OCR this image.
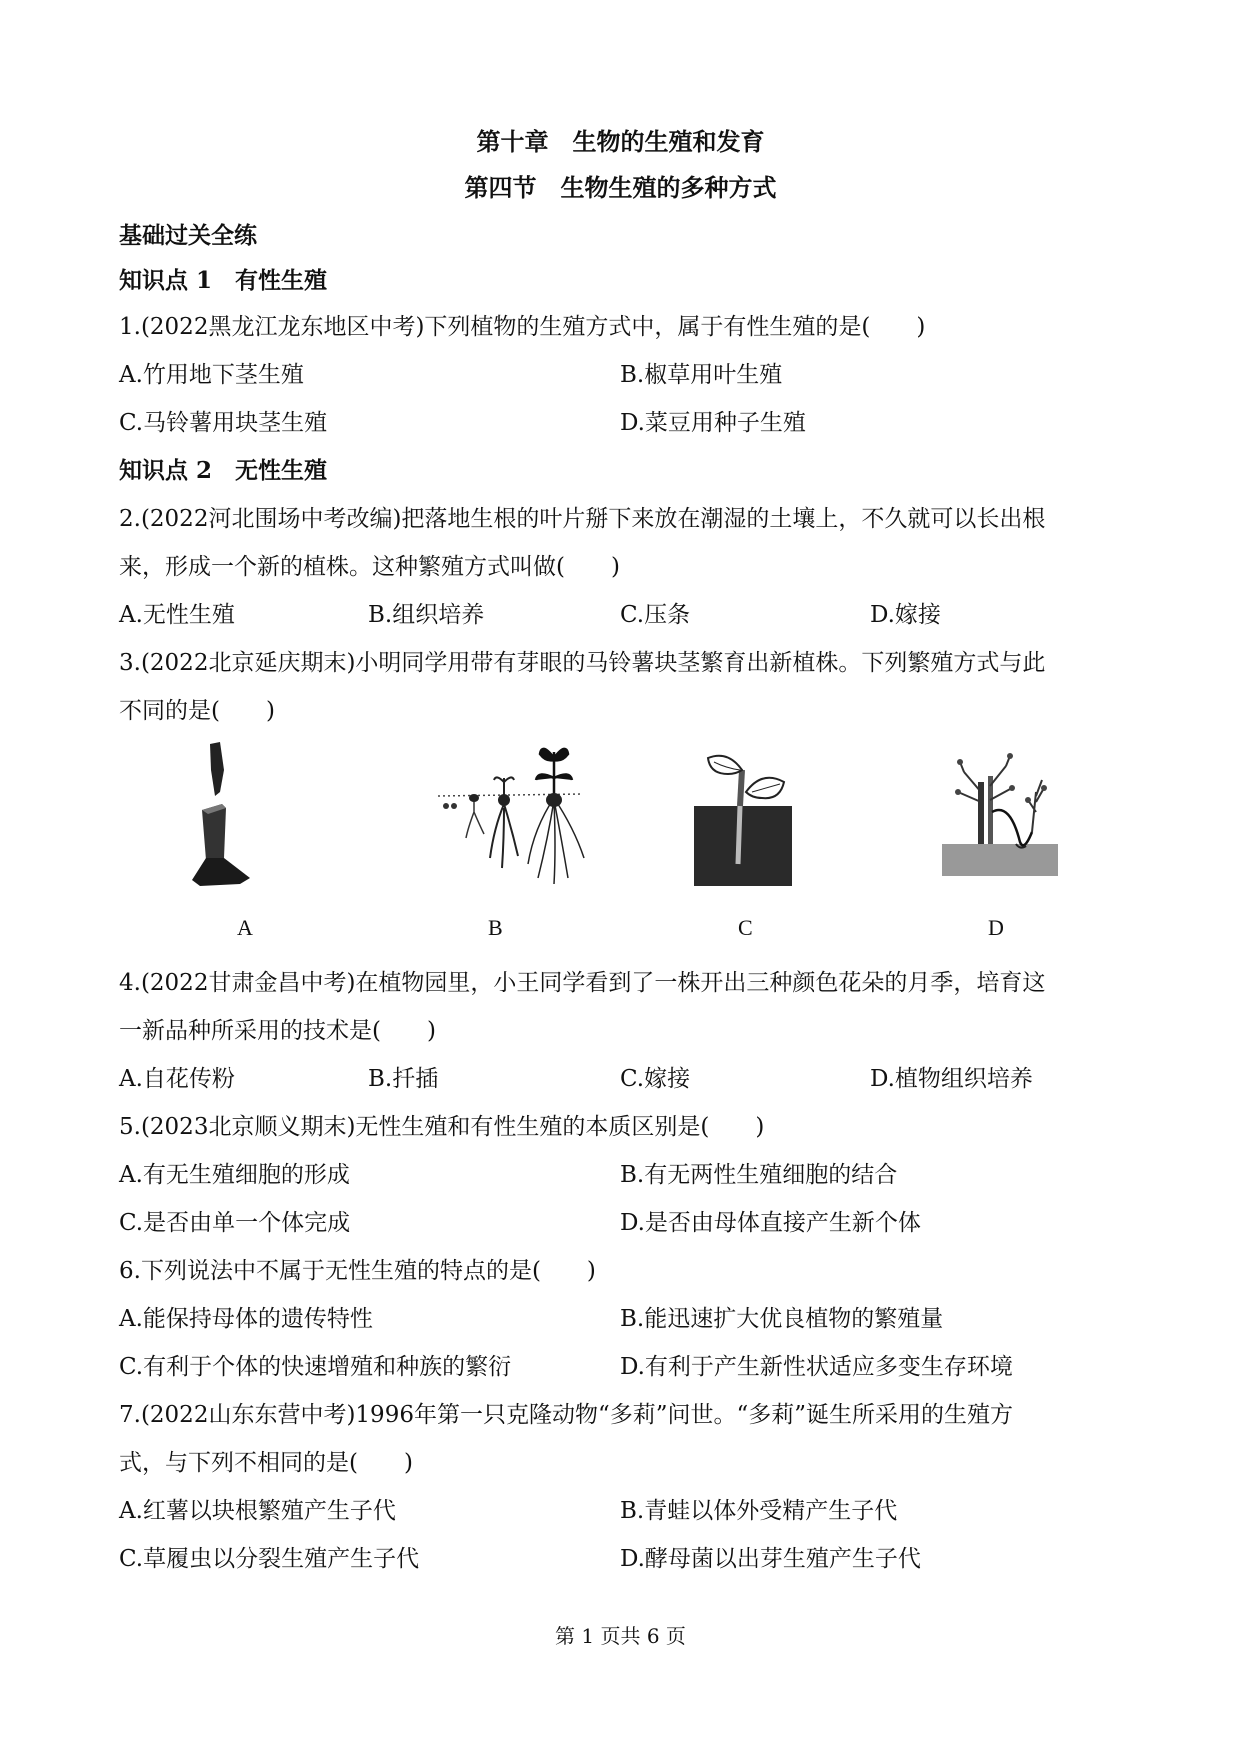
第十章　生物的生殖和发育
第四节　生物生殖的多种方式
基础过关全练
知识点 1　有性生殖
1.(2022黑龙江龙东地区中考)下列植物的生殖方式中，属于有性生殖的是(　　)
A.竹用地下茎生殖	B.椒草用叶生殖
C.马铃薯用块茎生殖	D.菜豆用种子生殖
知识点 2　无性生殖
2.(2022河北围场中考改编)把落地生根的叶片掰下来放在潮湿的土壤上，不久就可以长出根
来，形成一个新的植株。这种繁殖方式叫做(　　)
A.无性生殖	B.组织培养	C.压条	D.嫁接
3.(2022北京延庆期末)小明同学用带有芽眼的马铃薯块茎繁育出新植株。下列繁殖方式与此
不同的是(　　)
A	B	C	D
4.(2022甘肃金昌中考)在植物园里，小王同学看到了一株开出三种颜色花朵的月季，培育这
一新品种所采用的技术是(　　)
A.自花传粉	B.扦插	C.嫁接	D.植物组织培养
5.(2023北京顺义期末)无性生殖和有性生殖的本质区别是(　　)
A.有无生殖细胞的形成	B.有无两性生殖细胞的结合
C.是否由单一个体完成	D.是否由母体直接产生新个体
6.下列说法中不属于无性生殖的特点的是(　　)
A.能保持母体的遗传特性	B.能迅速扩大优良植物的繁殖量
C.有利于个体的快速增殖和种族的繁衍	D.有利于产生新性状适应多变生存环境
7.(2022山东东营中考)1996年第一只克隆动物“多莉”问世。“多莉”诞生所采用的生殖方
式，与下列不相同的是(　　)
A.红薯以块根繁殖产生子代	B.青蛙以体外受精产生子代
C.草履虫以分裂生殖产生子代	D.酵母菌以出芽生殖产生子代
第 1 页共 6 页
